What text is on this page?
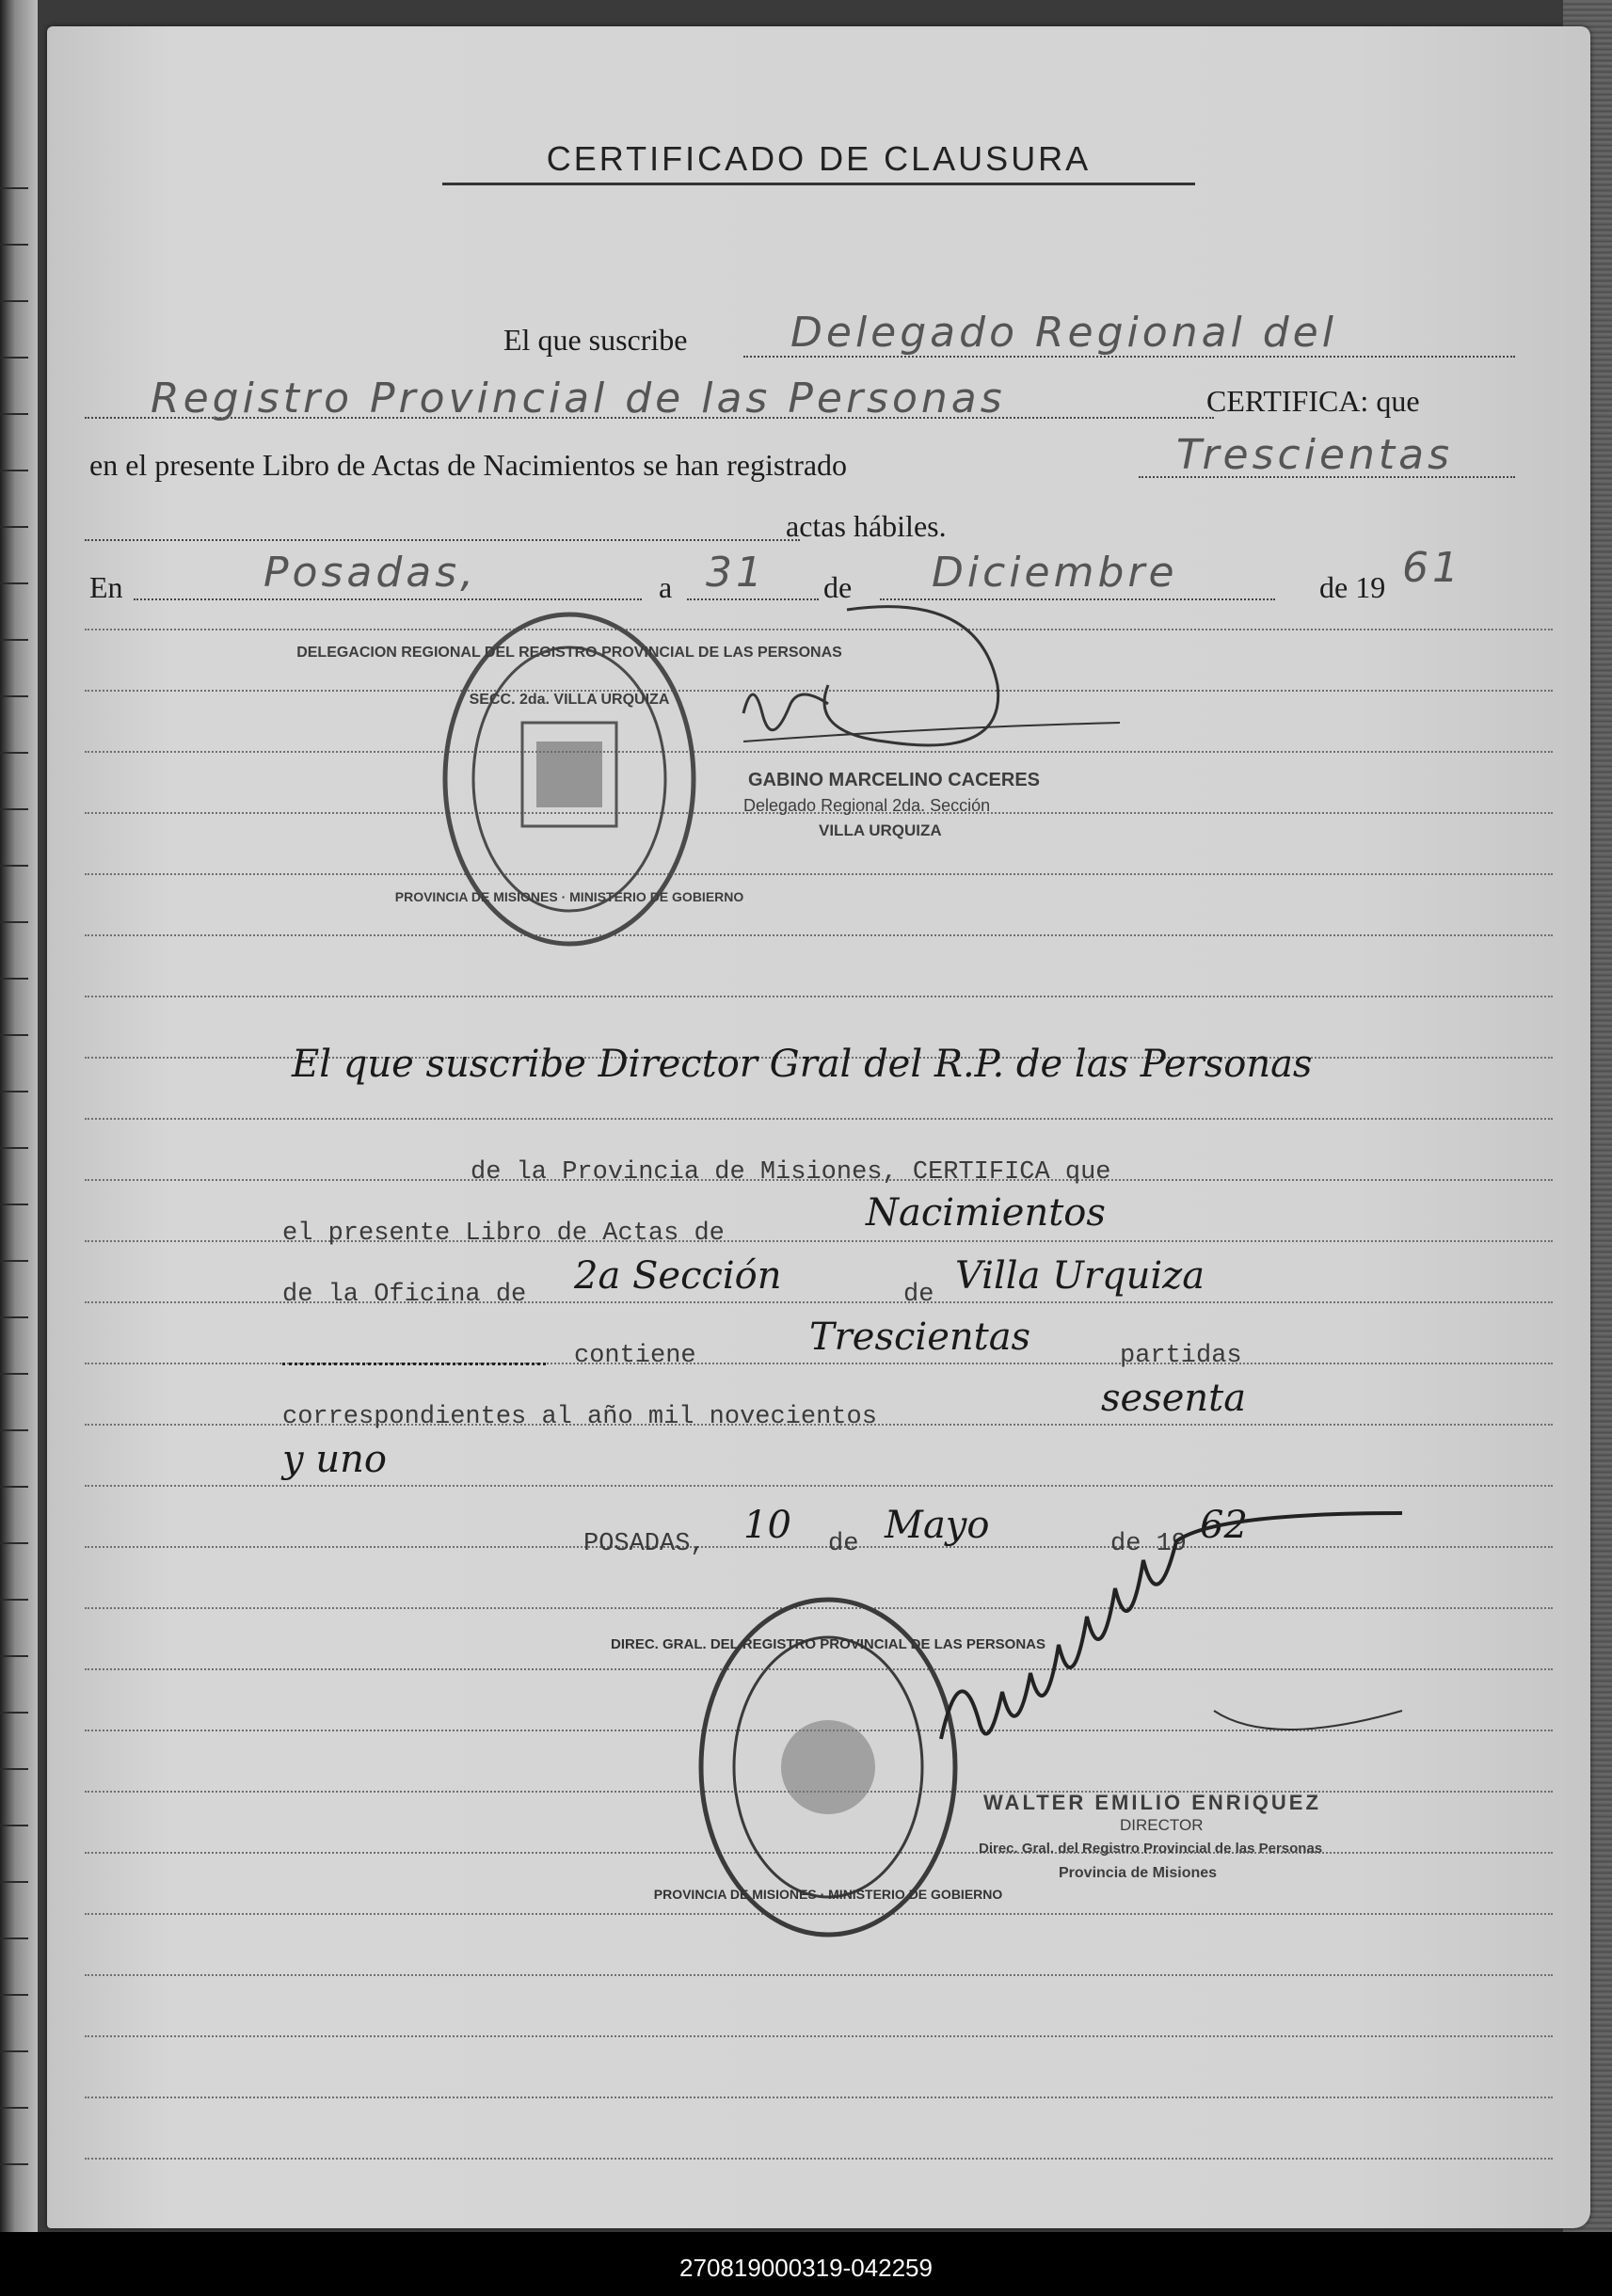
CERTIFICADO DE CLAUSURA
El que suscribe Delegado Regional del
Registro Provincial de las Personas	CERTIFICA: que
en el presente Libro de Actas de Nacimientos se han registrado	Trescientas
actas hábiles.
En	Posadas,	a 31 de Diciembre	de 19 61
DELEGACION REGIONAL DEL REGISTRO PROVINCIAL DE LAS PERSONAS
SECC. 2da. VILLA URQUIZA
PROVINCIA DE MISIONES · MINISTERIO DE GOBIERNO
GABINO MARCELINO CACERES
Delegado Regional 2da. Sección
VILLA URQUIZA
El que suscribe Director Gral del R.P. de las Personas
de la Provincia de Misiones, CERTIFICA que
el presente Libro de Actas de	Nacimientos
de la Oficina de 2a Sección	de Villa Urquiza
contiene	Trescientas	partidas
correspondientes al año mil novecientos	sesenta
y uno
POSADAS, 10 de Mayo	de 19 62
DIREC. GRAL. DEL REGISTRO PROVINCIAL DE LAS PERSONAS
PROVINCIA DE MISIONES · MINISTERIO DE GOBIERNO
WALTER EMILIO ENRIQUEZ
DIRECTOR
Direc. Gral. del Registro Provincial de las Personas
Provincia de Misiones
270819000319-042259
